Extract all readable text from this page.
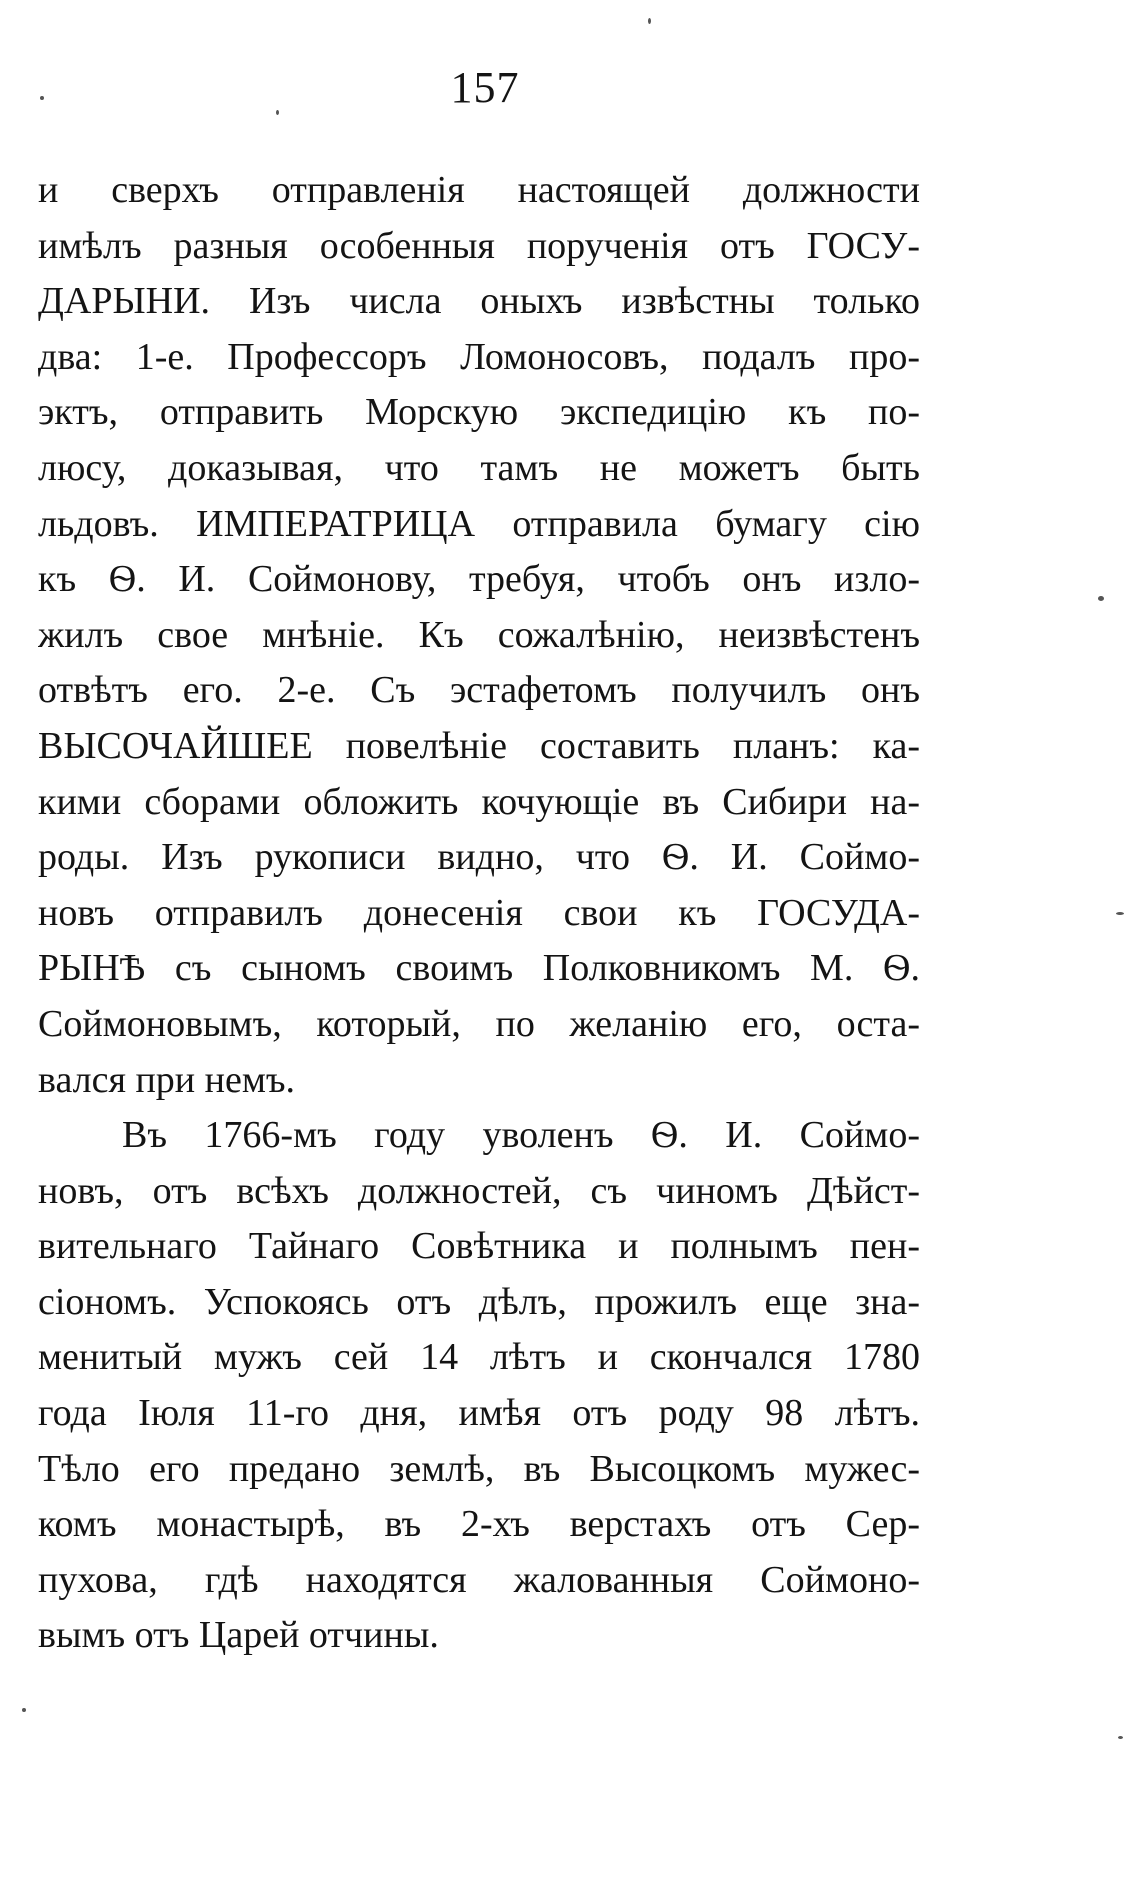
157
и сверхъ отправленія настоящей должности
имѣлъ разныя особенныя порученія отъ ГОСУ-
ДАРЫНИ. Изъ числа оныхъ извѣстны только
два: 1-е. Профессоръ Ломоносовъ, подалъ про-
эктъ, отправить Морскую экспедицію къ по-
люсу, доказывая, что тамъ не можетъ быть
льдовъ. ИМПЕРАТРИЦА отправила бумагу сію
къ Ѳ. И. Соймонову, требуя, чтобъ онъ изло-
жилъ свое мнѣніе. Къ сожалѣнію, неизвѣстенъ
отвѣтъ его. 2-е. Съ эстафетомъ получилъ онъ
ВЫСОЧАЙШЕЕ повелѣніе составить планъ: ка-
кими сборами обложить кочующіе въ Сибири на-
роды. Изъ рукописи видно, что Ѳ. И. Соймо-
новъ отправилъ донесенія свои къ ГОСУДА-
РЫНѢ съ сыномъ своимъ Полковникомъ М. Ѳ.
Соймоновымъ, который, по желанію его, оста-
вался при немъ.
Въ 1766-мъ году уволенъ Ѳ. И. Соймо-
новъ, отъ всѣхъ должностей, съ чиномъ Дѣйст-
вительнаго Тайнаго Совѣтника и полнымъ пен-
сіономъ. Успокоясь отъ дѣлъ, прожилъ еще зна-
менитый мужъ сей 14 лѣтъ и скончался 1780
года Іюля 11-го дня, имѣя отъ роду 98 лѣтъ.
Тѣло его предано землѣ, въ Высоцкомъ мужес-
комъ монастырѣ, въ 2-хъ верстахъ отъ Сер-
пухова, гдѣ находятся жалованныя Соймоно-
вымъ отъ Царей отчины.
